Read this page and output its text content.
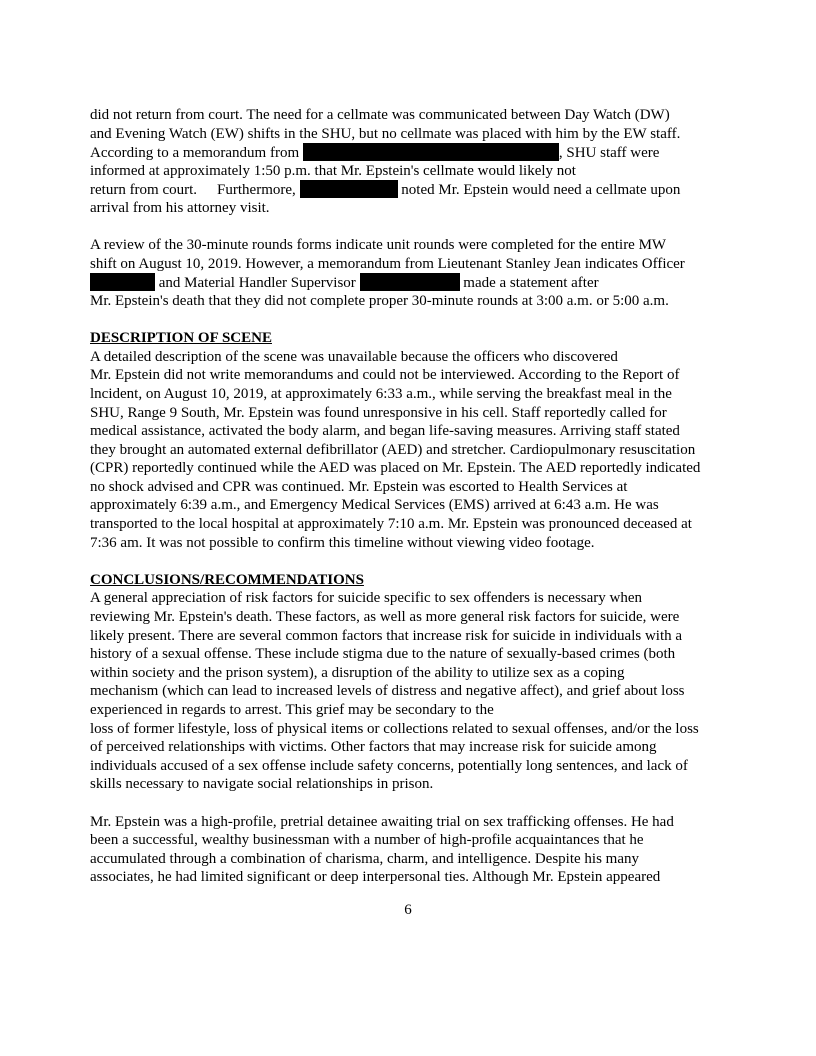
did not return from court. The need for a cellmate was communicated between Day Watch (DW)
and Evening Watch (EW) shifts in the SHU, but no cellmate was placed with him by the EW staff.
According to a memorandum from	, SHU staff were
informed at approximately 1:50 p.m. that Mr. Epstein's cellmate would likely not
return from court. Furthermore,	noted Mr. Epstein would need a cellmate upon
arrival from his attorney visit.
A review of the 30-minute rounds forms indicate unit rounds were completed for the entire MW
shift on August 10, 2019. However, a memorandum from Lieutenant Stanley Jean indicates Officer
and Material Handler Supervisor	made a statement after
Mr. Epstein's death that they did not complete proper 30-minute rounds at 3:00 a.m. or 5:00 a.m.
DESCRIPTION OF SCENE
A detailed description of the scene was unavailable because the officers who discovered
Mr. Epstein did not write memorandums and could not be interviewed. According to the Report of
lncident, on August 10, 2019, at approximately 6:33 a.m., while serving the breakfast meal in the
SHU, Range 9 South, Mr. Epstein was found unresponsive in his cell. Staff reportedly called for
medical assistance, activated the body alarm, and began life-saving measures. Arriving staff stated
they brought an automated external defibrillator (AED) and stretcher. Cardiopulmonary resuscitation
(CPR) reportedly continued while the AED was placed on Mr. Epstein. The AED reportedly indicated
no shock advised and CPR was continued. Mr. Epstein was escorted to Health Services at
approximately 6:39 a.m., and Emergency Medical Services (EMS) arrived at 6:43 a.m. He was
transported to the local hospital at approximately 7:10 a.m. Mr. Epstein was pronounced deceased at
7:36 am. It was not possible to confirm this timeline without viewing video footage.
CONCLUSIONS/RECOMMENDATIONS
A general appreciation of risk factors for suicide specific to sex offenders is necessary when
reviewing Mr. Epstein's death. These factors, as well as more general risk factors for suicide, were
likely present. There are several common factors that increase risk for suicide in individuals with a
history of a sexual offense. These include stigma due to the nature of sexually-based crimes (both
within society and the prison system), a disruption of the ability to utilize sex as a coping
mechanism (which can lead to increased levels of distress and negative affect), and grief about loss
experienced in regards to arrest. This grief may be secondary to the
loss of former lifestyle, loss of physical items or collections related to sexual offenses, and/or the loss
of perceived relationships with victims. Other factors that may increase risk for suicide among
individuals accused of a sex offense include safety concerns, potentially long sentences, and lack of
skills necessary to navigate social relationships in prison.
Mr. Epstein was a high-profile, pretrial detainee awaiting trial on sex trafficking offenses. He had
been a successful, wealthy businessman with a number of high-profile acquaintances that he
accumulated through a combination of charisma, charm, and intelligence. Despite his many
associates, he had limited significant or deep interpersonal ties. Although Mr. Epstein appeared
6
